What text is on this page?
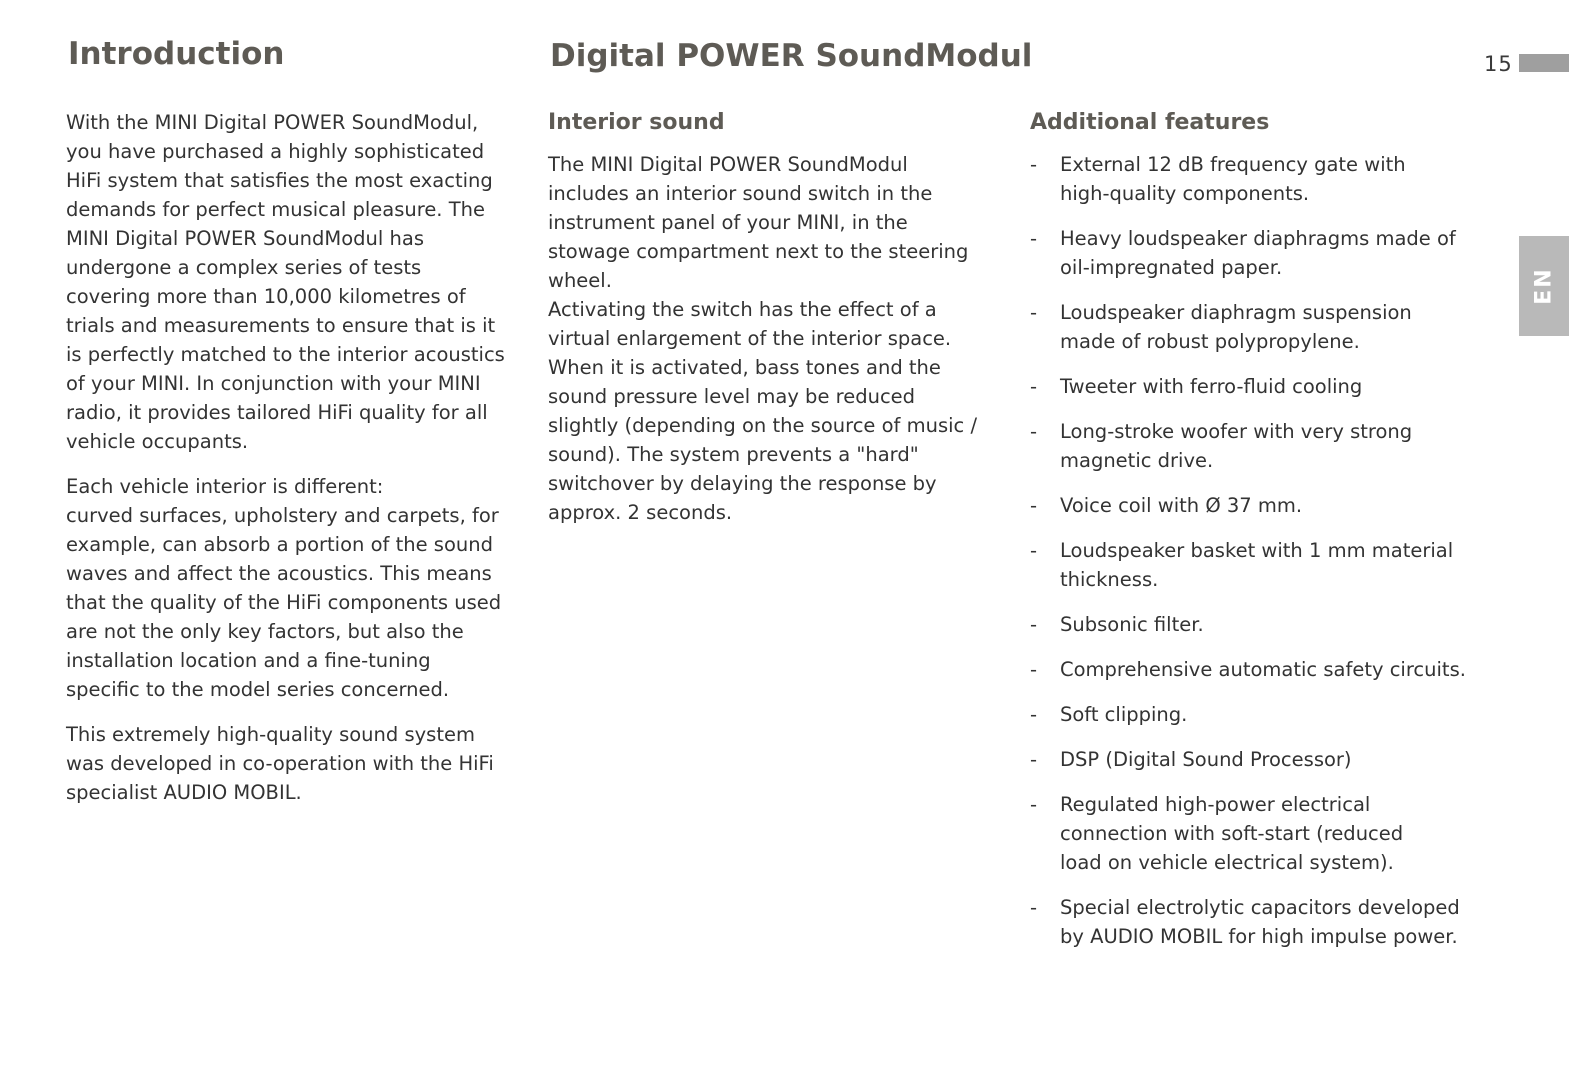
Introduction	Digital POWER SoundModul	15
EN

With the MINI Digital POWER SoundModul,
you have purchased a highly sophisticated
HiFi system that satisfies the most exacting
demands for perfect musical pleasure. The
MINI Digital POWER SoundModul has
undergone a complex series of tests
covering more than 10,000 kilometres of
trials and measurements to ensure that is it
is perfectly matched to the interior acoustics
of your MINI. In conjunction with your MINI
radio, it provides tailored HiFi quality for all
vehicle occupants.

Each vehicle interior is different:
curved surfaces, upholstery and carpets, for
example, can absorb a portion of the sound
waves and affect the acoustics. This means
that the quality of the HiFi components used
are not the only key factors, but also the
installation location and a fine-tuning
specific to the model series concerned.

This extremely high-quality sound system
was developed in co-operation with the HiFi
specialist AUDIO MOBIL.

Interior sound

The MINI Digital POWER SoundModul
includes an interior sound switch in the
instrument panel of your MINI, in the
stowage compartment next to the steering
wheel.
Activating the switch has the effect of a
virtual enlargement of the interior space.
When it is activated, bass tones and the
sound pressure level may be reduced
slightly (depending on the source of music /
sound). The system prevents a "hard"
switchover by delaying the response by
approx. 2 seconds.

Additional features
- External 12 dB frequency gate with
high-quality components.
- Heavy loudspeaker diaphragms made of
oil-impregnated paper.
- Loudspeaker diaphragm suspension
made of robust polypropylene.
- Tweeter with ferro-fluid cooling
- Long-stroke woofer with very strong
magnetic drive.
- Voice coil with Ø 37 mm.
- Loudspeaker basket with 1 mm material
thickness.
- Subsonic filter.
- Comprehensive automatic safety circuits.
- Soft clipping.
- DSP (Digital Sound Processor)
- Regulated high-power electrical
connection with soft-start (reduced
load on vehicle electrical system).
- Special electrolytic capacitors developed
by AUDIO MOBIL for high impulse power.
